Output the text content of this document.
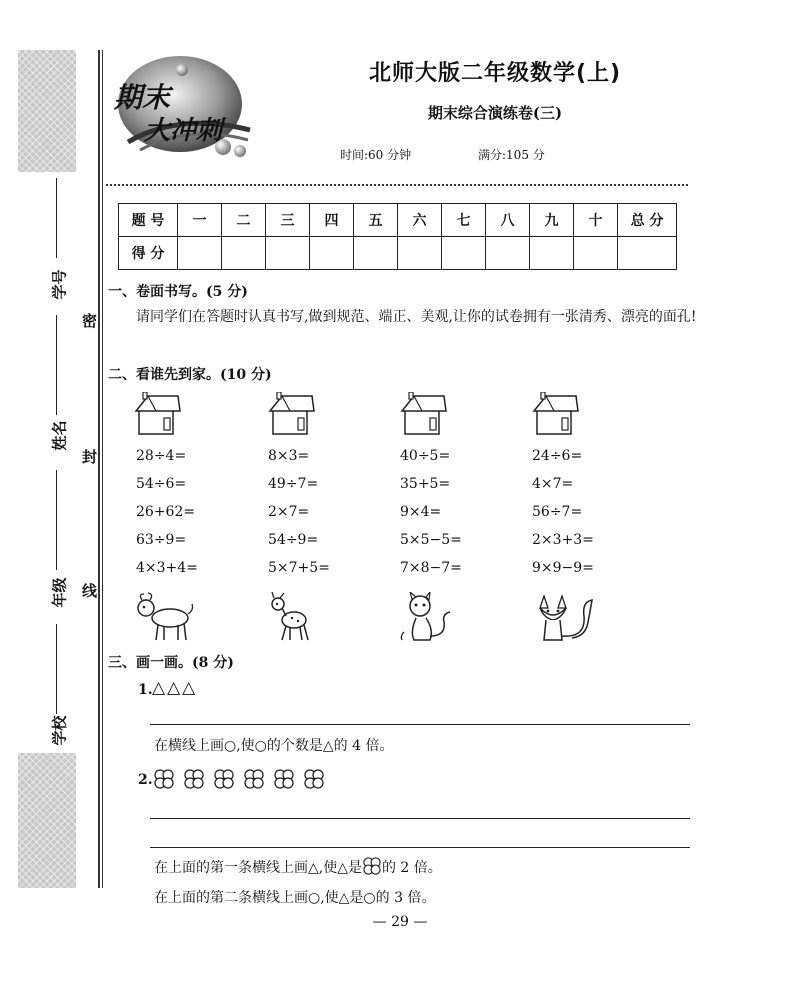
学号
姓名
年级
学校
密
封
线
期末
大冲刺
北师大版二年级数学(上)
期末综合演练卷(三)
时间:60 分钟	满分:105 分
题 号	一	二	三	四	五	六	七	八	九	十	总 分
得 分											
一、卷面书写。(5 分)
请同学们在答题时认真书写,做到规范、端正、美观,让你的试卷拥有一张清秀、漂亮的面孔!
二、看谁先到家。(10 分)
28÷4=
54÷6=
26+62=
63÷9=
4×3+4=
8×3=
49÷7=
2×7=
54÷9=
5×7+5=
40÷5=
35+5=
9×4=
5×5−5=
7×8−7=
24÷6=
4×7=
56÷7=
2×3+3=
9×9−9=
三、画一画。(8 分)
1. △△△
在横线上画○,使○的个数是△的 4 倍。
2.
在上面的第一条横线上画△,使△是 的 2 倍。
在上面的第二条横线上画○,使△是○的 3 倍。
— 29 —
